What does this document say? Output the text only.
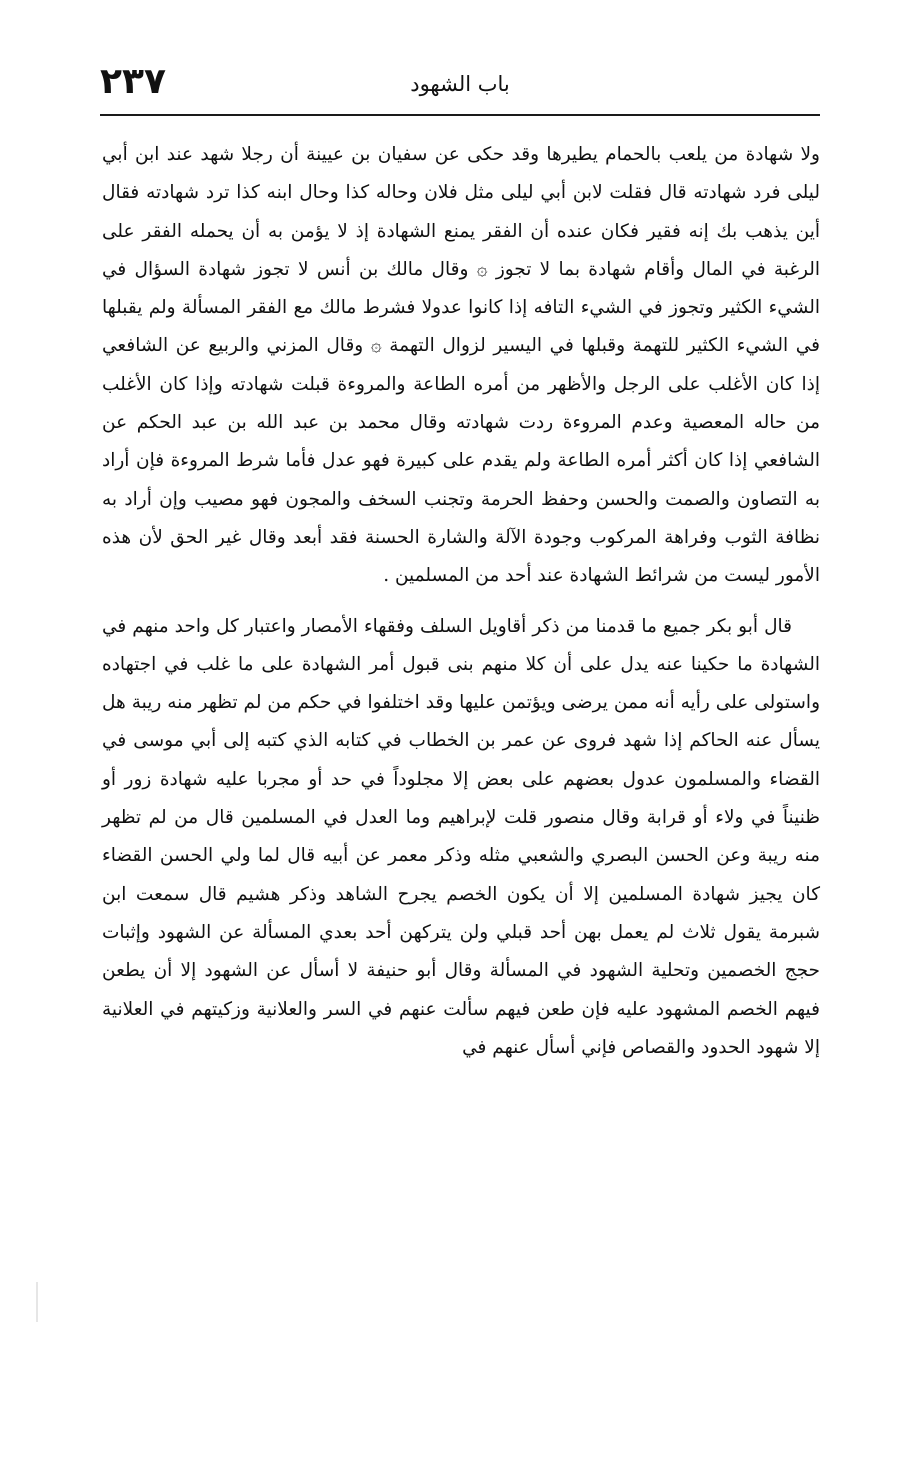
٢٣٧	باب الشهود

ولا شهادة من يلعب بالحمام يطيرها وقد حكى عن سفيان بن عيينة أن رجلا شهد عند ابن أبي ليلى فرد شهادته قال فقلت لابن أبي ليلى مثل فلان وحاله كذا وحال ابنه كذا ترد شهادته فقال أين يذهب بك إنه فقير فكان عنده أن الفقر يمنع الشهادة إذ لا يؤمن به أن يحمله الفقر على الرغبة في المال وأقام شهادة بما لا تجوز ۞ وقال مالك بن أنس لا تجوز شهادة السؤال في الشيء الكثير وتجوز في الشيء التافه إذا كانوا عدولا فشرط مالك مع الفقر المسألة ولم يقبلها في الشيء الكثير للتهمة وقبلها في اليسير لزوال التهمة ۞ وقال المزني والربيع عن الشافعي إذا كان الأغلب على الرجل والأظهر من أمره الطاعة والمروءة قبلت شهادته وإذا كان الأغلب من حاله المعصية وعدم المروءة ردت شهادته وقال محمد بن عبد الله بن عبد الحكم عن الشافعي إذا كان أكثر أمره الطاعة ولم يقدم على كبيرة فهو عدل فأما شرط المروءة فإن أراد به التصاون والصمت والحسن وحفظ الحرمة وتجنب السخف والمجون فهو مصيب وإن أراد به نظافة الثوب وفراهة المركوب وجودة الآلة والشارة الحسنة فقد أبعد وقال غير الحق لأن هذه الأمور ليست من شرائط الشهادة عند أحد من المسلمين .

قال أبو بكر جميع ما قدمنا من ذكر أقاويل السلف وفقهاء الأمصار واعتبار كل واحد منهم في الشهادة ما حكينا عنه يدل على أن كلا منهم بنى قبول أمر الشهادة على ما غلب في اجتهاده واستولى على رأيه أنه ممن يرضى ويؤتمن عليها وقد اختلفوا في حكم من لم تظهر منه ريبة هل يسأل عنه الحاكم إذا شهد فروى عن عمر بن الخطاب في كتابه الذي كتبه إلى أبي موسى في القضاء والمسلمون عدول بعضهم على بعض إلا مجلوداً في حد أو مجربا عليه شهادة زور أو ظنيناً في ولاء أو قرابة وقال منصور قلت لإبراهيم وما العدل في المسلمين قال من لم تظهر منه ريبة وعن الحسن البصري والشعبي مثله وذكر معمر عن أبيه قال لما ولي الحسن القضاء كان يجيز شهادة المسلمين إلا أن يكون الخصم يجرح الشاهد وذكر هشيم قال سمعت ابن شبرمة يقول ثلاث لم يعمل بهن أحد قبلي ولن يتركهن أحد بعدي المسألة عن الشهود وإثبات حجج الخصمين وتحلية الشهود في المسألة وقال أبو حنيفة لا أسأل عن الشهود إلا أن يطعن فيهم الخصم المشهود عليه فإن طعن فيهم سألت عنهم في السر والعلانية وزكيتهم في العلانية إلا شهود الحدود والقصاص فإني أسأل عنهم في
